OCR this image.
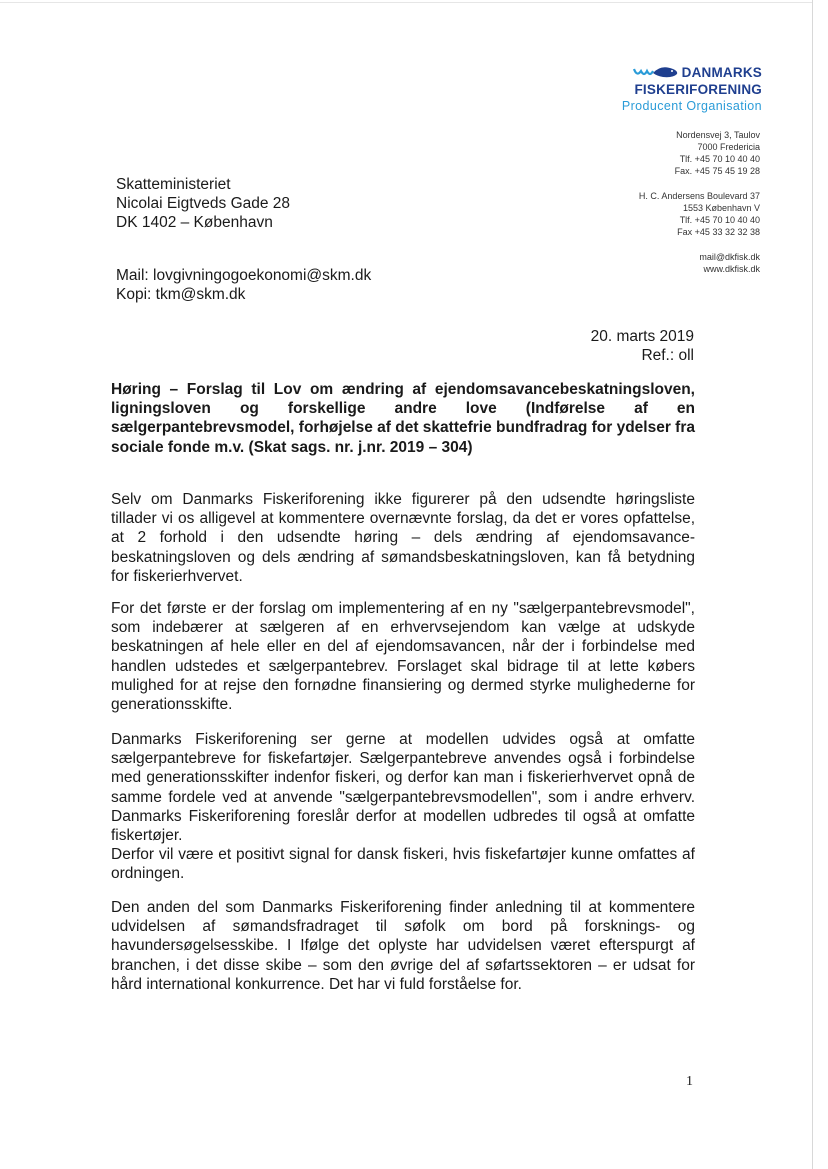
DANMARKS
FISKERIFORENING
Producent Organisation
Nordensvej 3, Taulov
7000 Fredericia
Tlf. +45 70 10 40 40
Fax. +45 75 45 19 28
H. C. Andersens Boulevard 37
1553 København V
Tlf. +45 70 10 40 40
Fax +45 33 32 32 38
mail@dkfisk.dk
www.dkfisk.dk
Skatteministeriet
Nicolai Eigtveds Gade 28
DK 1402 – København
Mail: lovgivningogoekonomi@skm.dk
Kopi: tkm@skm.dk
20. marts 2019
Ref.: oll

Høring – Forslag til Lov om ændring af ejendomsavancebeskatningsloven, ligningsloven og forskellige andre love (Indførelse af en sælgerpantebrevsmodel, forhøjelse af det skattefrie bundfradrag for ydelser fra sociale fonde m.v. (Skat sags. nr. j.nr. 2019 – 304)

Selv om Danmarks Fiskeriforening ikke figurerer på den udsendte høringsliste tillader vi os alligevel at kommentere overnævnte forslag, da det er vores opfattelse, at 2 forhold i den udsendte høring – dels ændring af ejendomsavance-beskatningsloven og dels ændring af sømandsbeskatningsloven, kan få betydning for fiskerierhvervet.

For det første er der forslag om implementering af en ny "sælgerpantebrevsmodel", som indebærer at sælgeren af en erhvervsejendom kan vælge at udskyde beskatningen af hele eller en del af ejendomsavancen, når der i forbindelse med handlen udstedes et sælgerpantebrev. Forslaget skal bidrage til at lette købers mulighed for at rejse den fornødne finansiering og dermed styrke mulighederne for generationsskifte.

Danmarks Fiskeriforening ser gerne at modellen udvides også at omfatte sælgerpantebreve for fiskefartøjer. Sælgerpantebreve anvendes også i forbindelse med generationsskifter indenfor fiskeri, og derfor kan man i fiskerierhvervet opnå de samme fordele ved at anvende "sælgerpantebrevsmodellen", som i andre erhverv. Danmarks Fiskeriforening foreslår derfor at modellen udbredes til også at omfatte fiskertøjer.

Derfor vil være et positivt signal for dansk fiskeri, hvis fiskefartøjer kunne omfattes af ordningen.

Den anden del som Danmarks Fiskeriforening finder anledning til at kommentere udvidelsen af sømandsfradraget til søfolk om bord på forsknings- og havundersøgelsesskibe. I Ifølge det oplyste har udvidelsen været efterspurgt af branchen, i det disse skibe – som den øvrige del af søfartssektoren – er udsat for hård international konkurrence. Det har vi fuld forståelse for.

1
